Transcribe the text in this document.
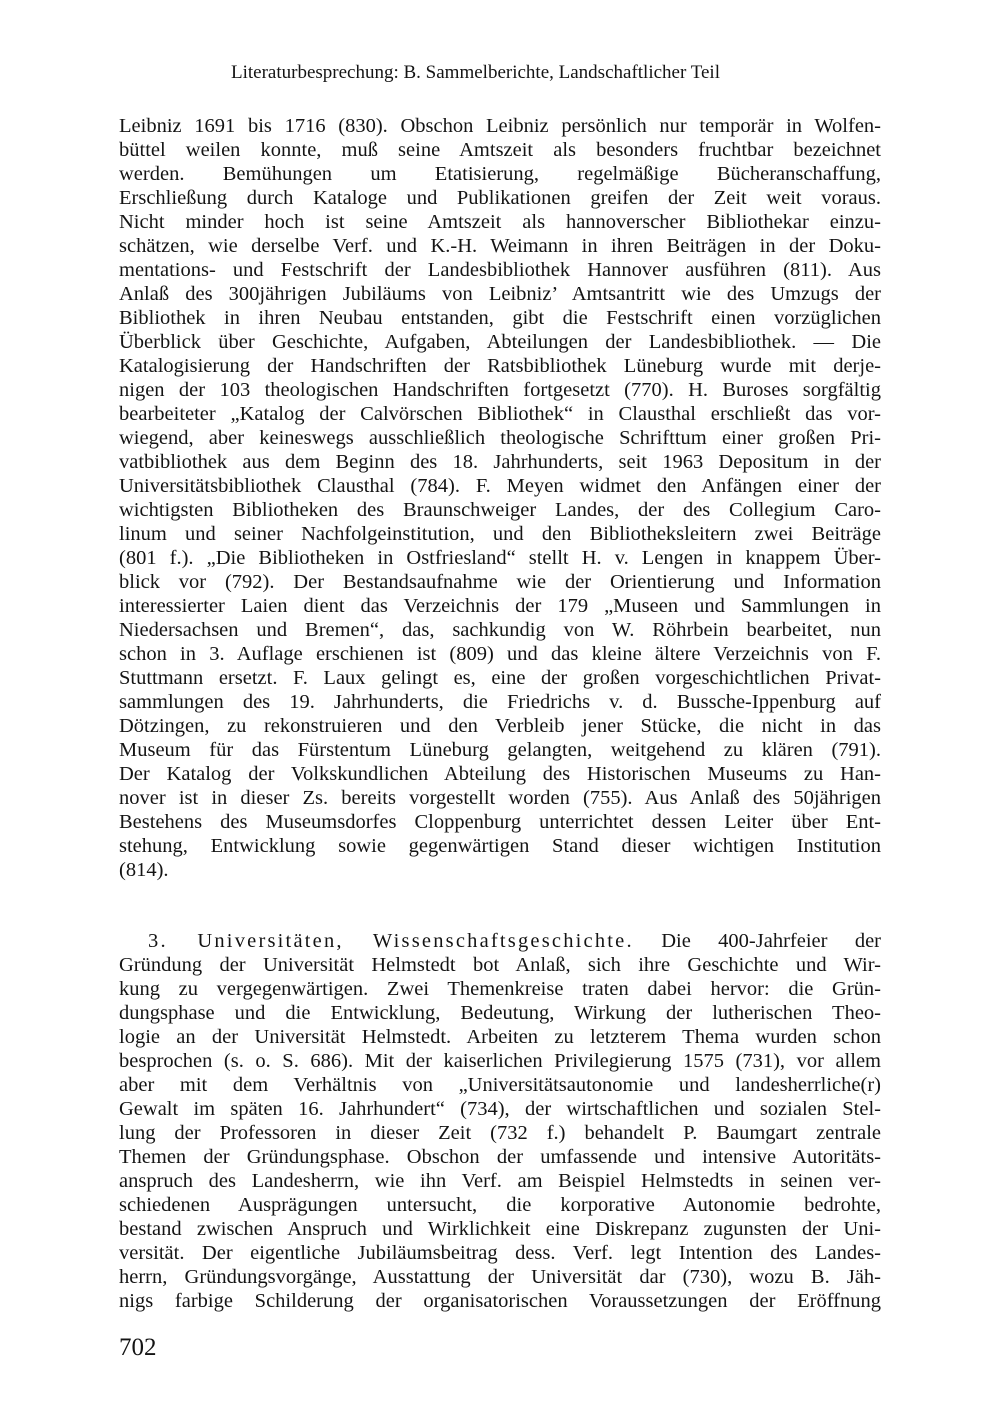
Literaturbesprechung: B. Sammelberichte, Landschaftlicher Teil
Leibniz 1691 bis 1716 (830). Obschon Leibniz persönlich nur temporär in Wolfen-
büttel weilen konnte, muß seine Amtszeit als besonders fruchtbar bezeichnet
werden. Bemühungen um Etatisierung, regelmäßige Bücheranschaffung,
Erschließung durch Kataloge und Publikationen greifen der Zeit weit voraus.
Nicht minder hoch ist seine Amtszeit als hannoverscher Bibliothekar einzu-
schätzen, wie derselbe Verf. und K.-H. Weimann in ihren Beiträgen in der Doku-
mentations- und Festschrift der Landesbibliothek Hannover ausführen (811). Aus
Anlaß des 300jährigen Jubiläums von Leibniz’ Amtsantritt wie des Umzugs der
Bibliothek in ihren Neubau entstanden, gibt die Festschrift einen vorzüglichen
Überblick über Geschichte, Aufgaben, Abteilungen der Landesbibliothek. — Die
Katalogisierung der Handschriften der Ratsbibliothek Lüneburg wurde mit derje-
nigen der 103 theologischen Handschriften fortgesetzt (770). H. Buroses sorgfältig
bearbeiteter „Katalog der Calvörschen Bibliothek“ in Clausthal erschließt das vor-
wiegend, aber keineswegs ausschließlich theologische Schrifttum einer großen Pri-
vatbibliothek aus dem Beginn des 18. Jahrhunderts, seit 1963 Depositum in der
Universitätsbibliothek Clausthal (784). F. Meyen widmet den Anfängen einer der
wichtigsten Bibliotheken des Braunschweiger Landes, der des Collegium Caro-
linum und seiner Nachfolgeinstitution, und den Bibliotheksleitern zwei Beiträge
(801 f.). „Die Bibliotheken in Ostfriesland“ stellt H. v. Lengen in knappem Über-
blick vor (792). Der Bestandsaufnahme wie der Orientierung und Information
interessierter Laien dient das Verzeichnis der 179 „Museen und Sammlungen in
Niedersachsen und Bremen“, das, sachkundig von W. Röhrbein bearbeitet, nun
schon in 3. Auflage erschienen ist (809) und das kleine ältere Verzeichnis von F.
Stuttmann ersetzt. F. Laux gelingt es, eine der großen vorgeschichtlichen Privat-
sammlungen des 19. Jahrhunderts, die Friedrichs v. d. Bussche-Ippenburg auf
Dötzingen, zu rekonstruieren und den Verbleib jener Stücke, die nicht in das
Museum für das Fürstentum Lüneburg gelangten, weitgehend zu klären (791).
Der Katalog der Volkskundlichen Abteilung des Historischen Museums zu Han-
nover ist in dieser Zs. bereits vorgestellt worden (755). Aus Anlaß des 50jährigen
Bestehens des Museumsdorfes Cloppenburg unterrichtet dessen Leiter über Ent-
stehung, Entwicklung sowie gegenwärtigen Stand dieser wichtigen Institution
(814).
3. Universitäten, Wissenschaftsgeschichte. Die 400-Jahrfeier der
Gründung der Universität Helmstedt bot Anlaß, sich ihre Geschichte und Wir-
kung zu vergegenwärtigen. Zwei Themenkreise traten dabei hervor: die Grün-
dungsphase und die Entwicklung, Bedeutung, Wirkung der lutherischen Theo-
logie an der Universität Helmstedt. Arbeiten zu letzterem Thema wurden schon
besprochen (s. o. S. 686). Mit der kaiserlichen Privilegierung 1575 (731), vor allem
aber mit dem Verhältnis von „Universitätsautonomie und landesherrliche(r)
Gewalt im späten 16. Jahrhundert“ (734), der wirtschaftlichen und sozialen Stel-
lung der Professoren in dieser Zeit (732 f.) behandelt P. Baumgart zentrale
Themen der Gründungsphase. Obschon der umfassende und intensive Autoritäts-
anspruch des Landesherrn, wie ihn Verf. am Beispiel Helmstedts in seinen ver-
schiedenen Ausprägungen untersucht, die korporative Autonomie bedrohte,
bestand zwischen Anspruch und Wirklichkeit eine Diskrepanz zugunsten der Uni-
versität. Der eigentliche Jubiläumsbeitrag dess. Verf. legt Intention des Landes-
herrn, Gründungsvorgänge, Ausstattung der Universität dar (730), wozu B. Jäh-
nigs farbige Schilderung der organisatorischen Voraussetzungen der Eröffnung
702
